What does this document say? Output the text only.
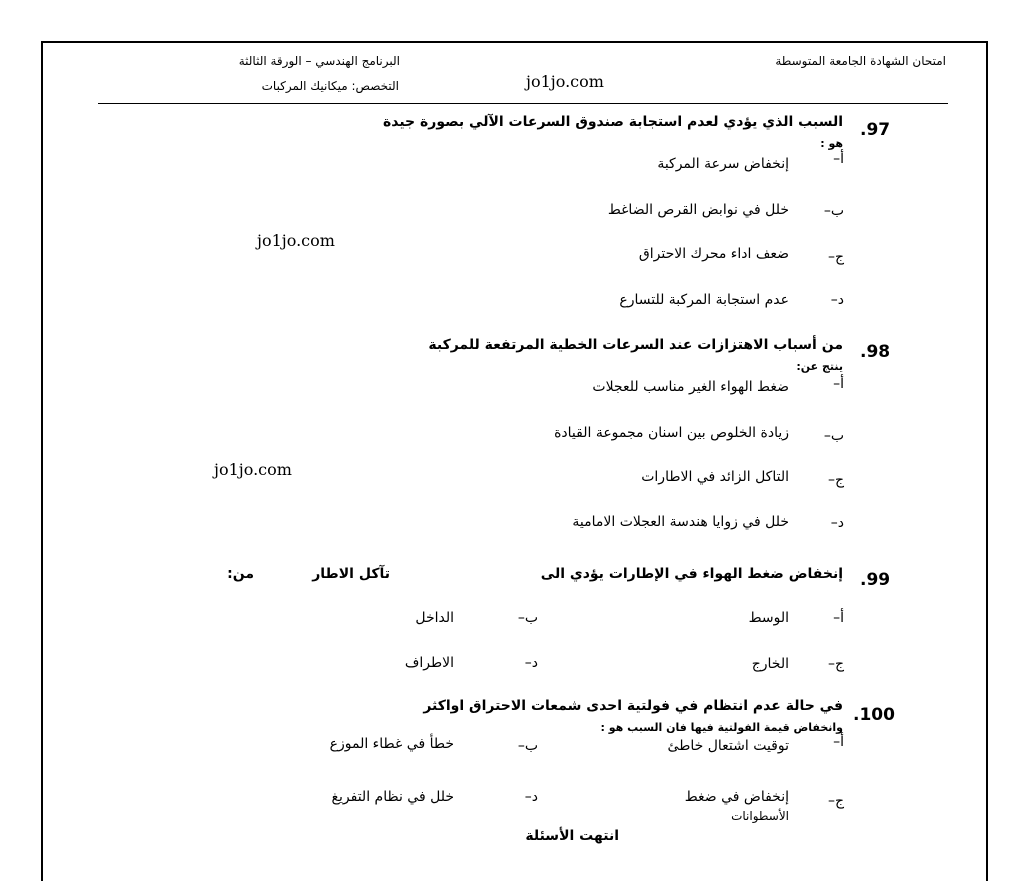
امتحان الشهادة الجامعة المتوسطة
البرنامج الهندسي – الورقة الثالثة
التخصص: ميكانيك المركبات	jo1jo.com
jo1jo.com
jo1jo.com
.97
السبب الذي يؤدي لعدم استجابة صندوق السرعات الآلي بصورة جيدة
هو :
أ–
إنخفاض سرعة المركبة
ب–
خلل في نوابض القرص الضاغط
ج–
ضعف اداء محرك الاحتراق
د–
عدم استجابة المركبة للتسارع
.98
من أسباب الاهتزازات عند السرعات الخطية المرتفعة للمركبة
ينتج عن:
أ–
ضغط الهواء الغير مناسب للعجلات
ب–
زيادة الخلوص بين اسنان مجموعة القيادة
ج–
التاكل الزائد في الاطارات
د–
خلل في زوايا هندسة العجلات الامامية
.99
إنخفاض ضغط الهواء في الإطارات يؤدي الى
تآكل الاطار
من:
أ–
الوسط
ب–
الداخل
ج–
الخارج
د–
الاطراف
.100
في حالة عدم انتظام في فولتية احدى شمعات الاحتراق اواكثر
وانخفاض قيمة الفولتية فيها فان السبب هو :
أ–
توقيت اشتعال خاطئ
ب–
خطأ في غطاء الموزع
ج–
إنخفاض في ضغط
الأسطوانات
د–
خلل في نظام التفريغ
انتهت الأسئلة
